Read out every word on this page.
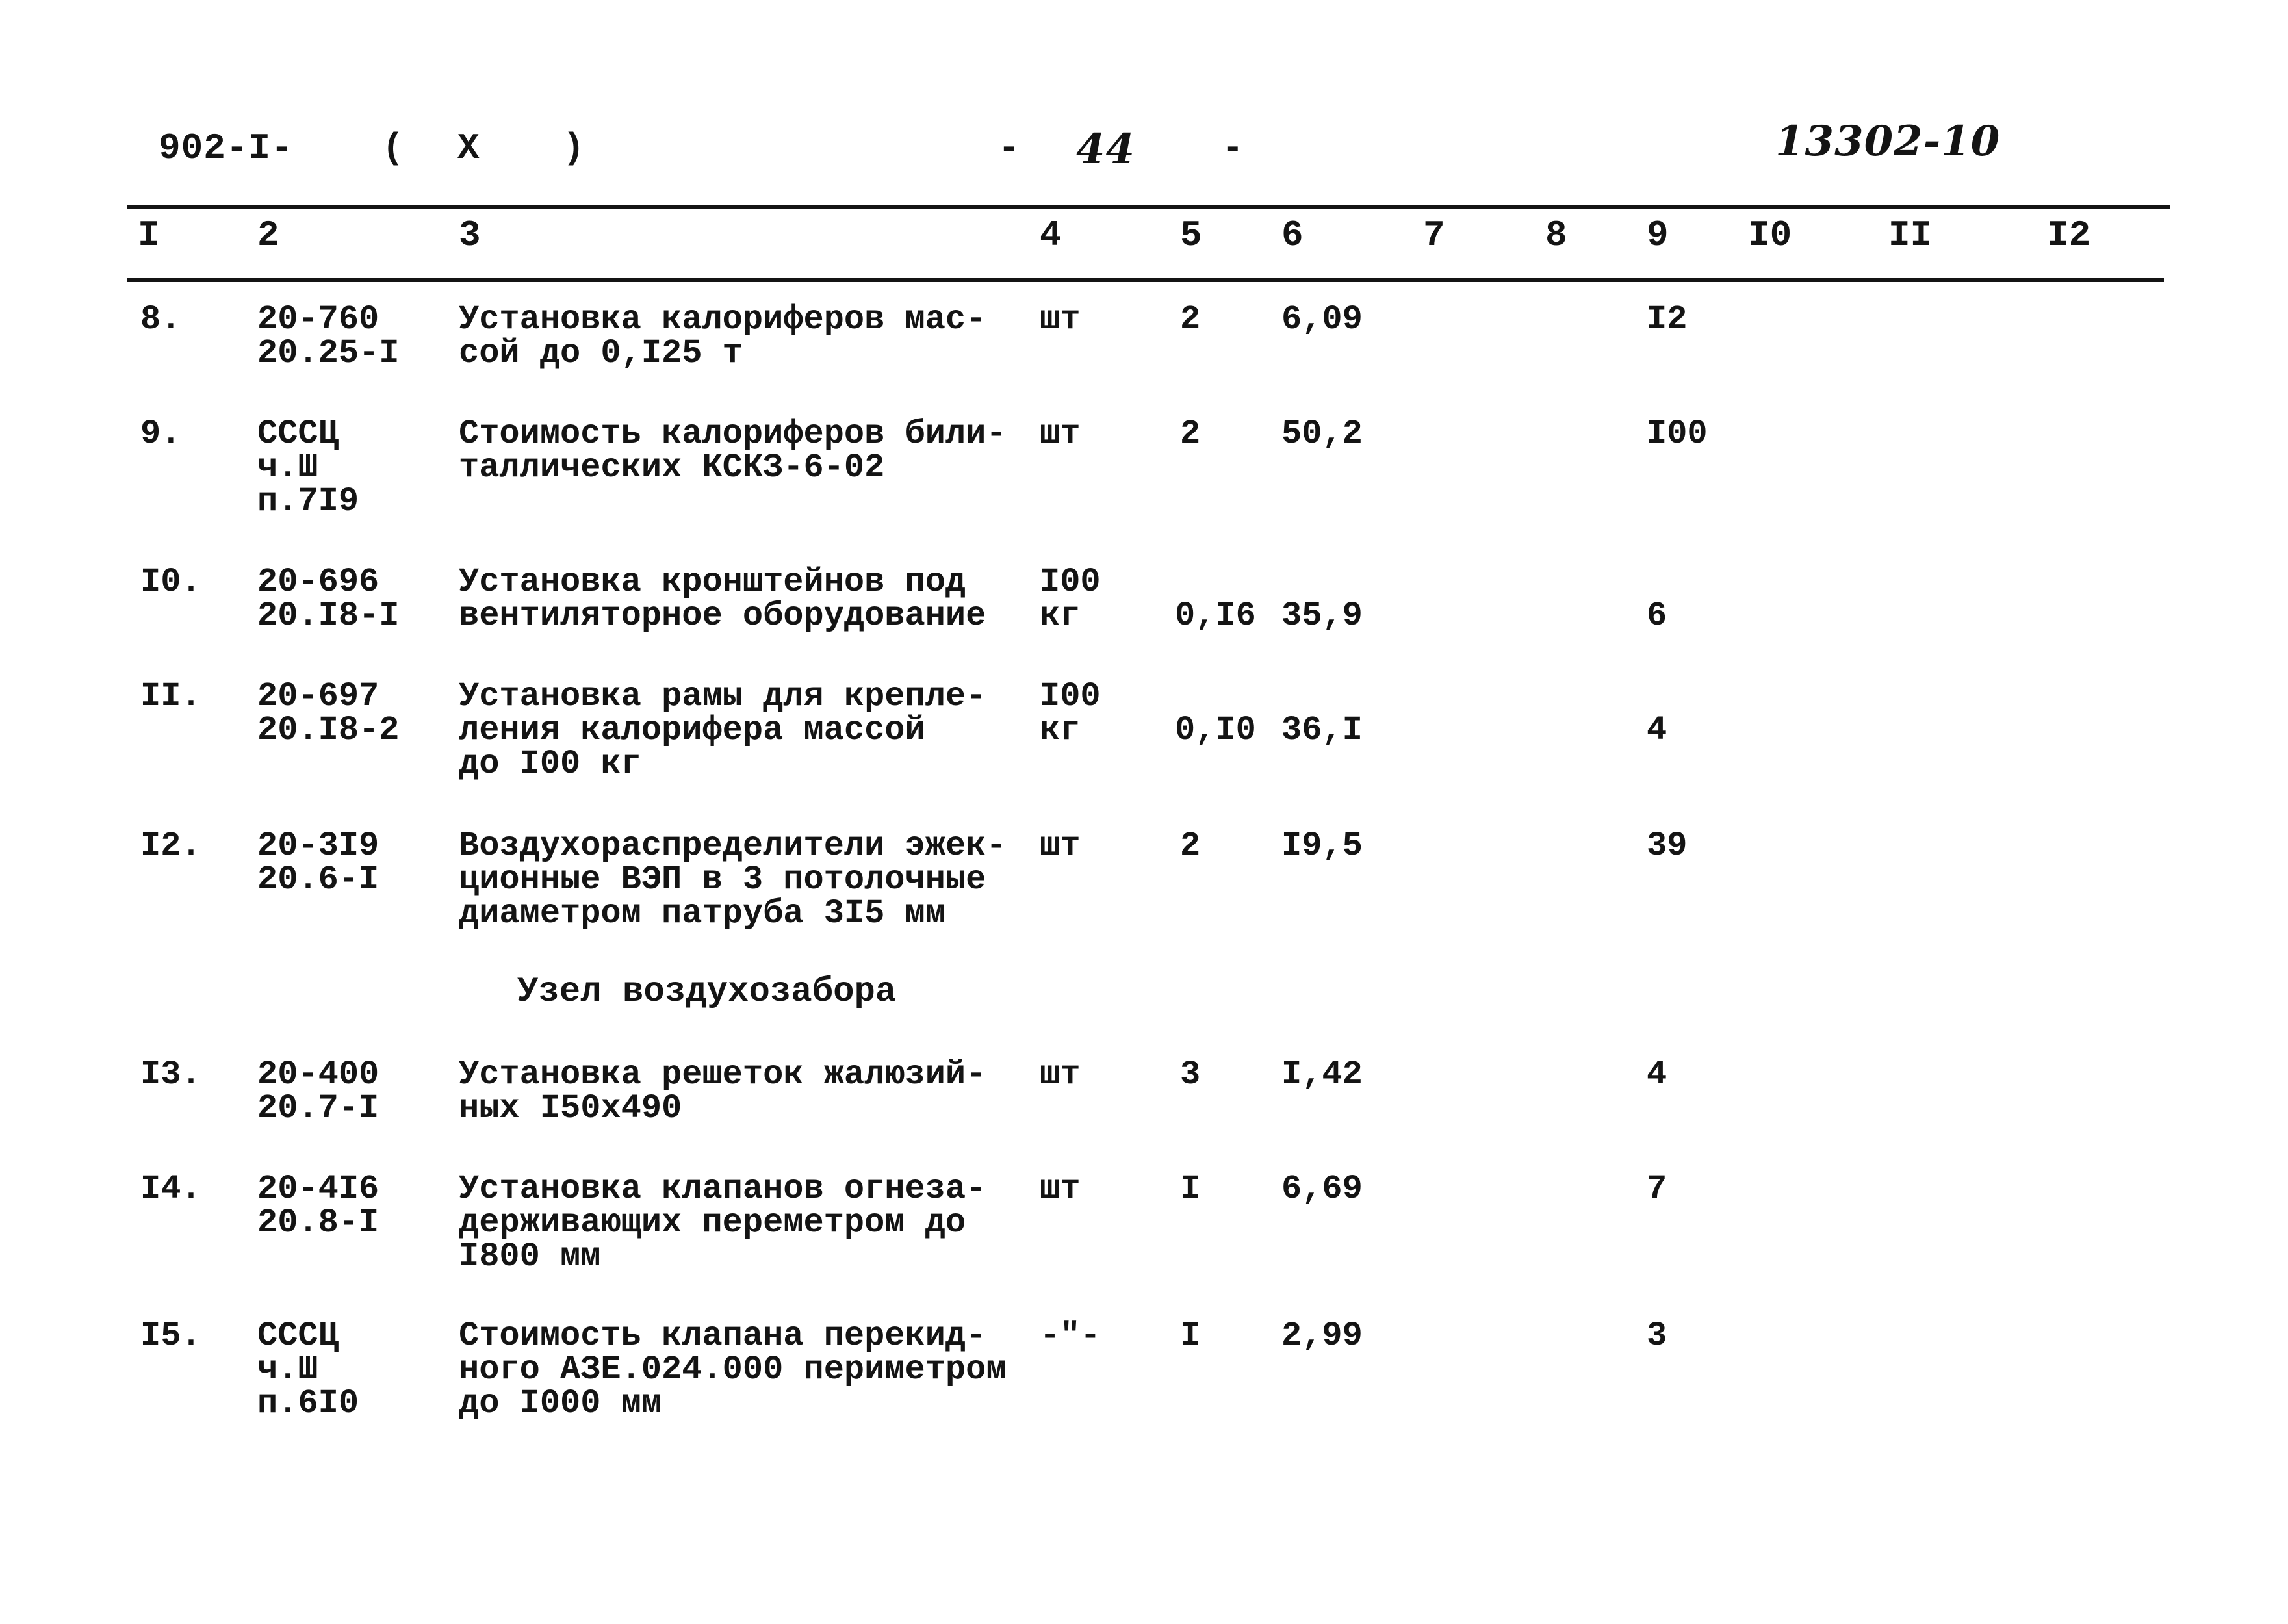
902-I- ( X )	- 44 -	13302-10
I	2	3	4	5 6	7	8 9 I0	II	I2
8. 20-760
20.25-I
Установка калориферов мас-
сой до 0,I25 т
шт	2 6,09	I2
9. СССЦ
ч.Ш
п.7I9
Стоимость калориферов били-
таллических КСКЗ-6-02
шт	2 50,2	I00
I0. 20-696
20.I8-I
Установка кронштейнов под
вентиляторное оборудование
I00
кг	0,I6 35,9	6
II. 20-697
20.I8-2
Установка рамы для крепле-
ления калорифера массой
до I00 кг
I00
кг	0,I0 36,I	4
I2. 20-3I9
20.6-I
Воздухораспределители эжек-
ционные ВЭП в 3 потолочные
диаметром патруба 3I5 мм
шт	2 I9,5	39
Узел воздухозабора
I3. 20-400
20.7-I
Установка решеток жалюзий-
ных I50х490
шт	3 I,42	4
I4. 20-4I6
20.8-I
Установка клапанов огнеза-
держивающих переметром до
I800 мм
шт	I 6,69	7
I5. СССЦ
ч.Ш
п.6I0
Стоимость клапана перекид-
ного АЗЕ.024.000 периметром
до I000 мм
-"- I 2,99	3
